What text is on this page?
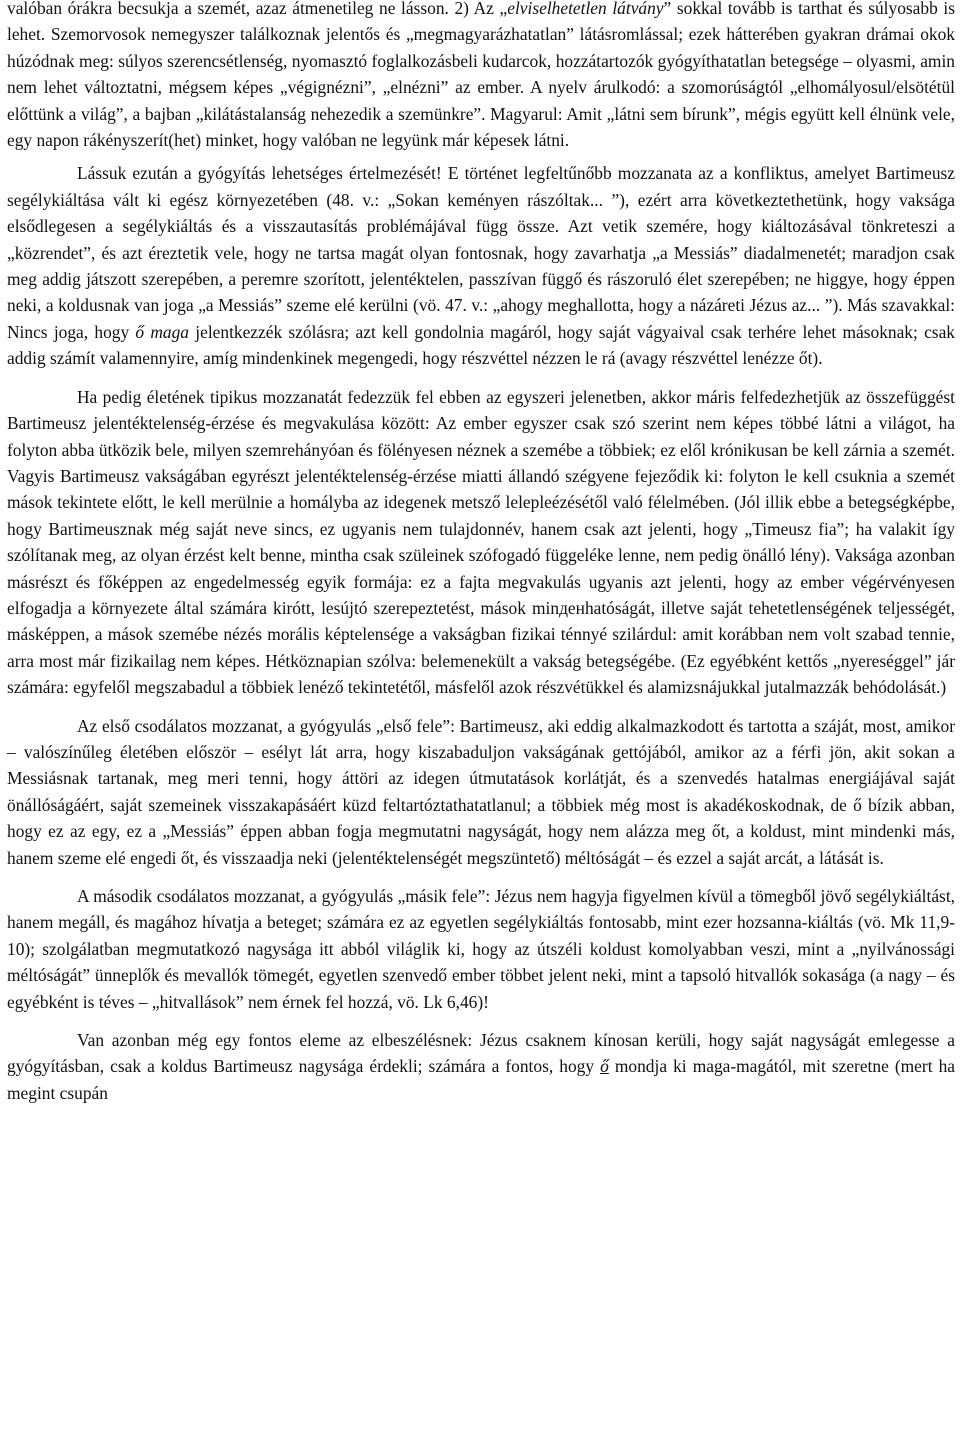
valóban órákra becsukja a szemét, azaz átmenetileg ne lásson. 2) Az „elviselhetetlen látvány” sokkal tovább is tarthat és súlyosabb is lehet. Szemorvosok nemegyszer találkoznak jelentős és „megmagyarázhatatlan” látásromlással; ezek hátterében gyakran drámai okok húzódnak meg: súlyos szerencsétlenség, nyomasztó foglalkozásbeli kudarcok, hozzátartozók gyógyíthatatlan betegsége – olyasmi, amin nem lehet változtatni, mégsem képes „végignézni”, „elnézni” az ember. A nyelv árulkodó: a szomorúságtól „elhomályosul/elsötétül előttünk a világ”, a bajban „kilátástalanság nehezedik a szemünkre”. Magyarul: Amit „látni sem bírunk”, mégis együtt kell élnünk vele, egy napon rákényszerít(het) minket, hogy valóban ne legyünk már képesek látni.

Lássuk ezután a gyógyítás lehetséges értelmezését! E történet legfeltűnőbb mozzanata az a konfliktus, amelyet Bartimeusz segélykiáltása vált ki egész környezetében (48. v.: „Sokan keményen rászóltak... ”), ezért arra következtethetünk, hogy vaksága elsődlegesen a segélykiáltás és a visszautasítás problémájával függ össze. Azt vetik szemére, hogy kiáltozásával tönkreteszi a „közrendet”, és azt éreztetik vele, hogy ne tartsa magát olyan fontosnak, hogy zavarhatja „a Messiás” diadalmenetét; maradjon csak meg addig játszott szerepében, a peremre szorított, jelentéktelen, passzívan függő és rászoruló élet szerepében; ne higgye, hogy éppen neki, a koldusnak van joga „a Messiás” szeme elé kerülni (vö. 47. v.: „ahogy meghallotta, hogy a názáreti Jézus az... ”). Más szavakkal: Nincs joga, hogy ő maga jelentkezzék szólásra; azt kell gondolnia magáról, hogy saját vágyaival csak terhére lehet másoknak; csak addig számít valamennyire, amíg mindenkinek megengedi, hogy részvéttel nézzen le rá (avagy részvéttel lenézze őt).

Ha pedig életének tipikus mozzanatát fedezzük fel ebben az egyszeri jelenetben, akkor máris felfedezhetjük az összefüggést Bartimeusz jelentéktelenség-érzése és megvakulása között: Az ember egyszer csak szó szerint nem képes többé látni a világot, ha folyton abba ütközik bele, milyen szemrehányóan és fölényesen néznek a szemébe a többiek; ez elől krónikusan be kell zárnia a szemét. Vagyis Bartimeusz vakságában egyrészt jelentéktelenség-érzése miatti állandó szégyene fejeződik ki: folyton le kell csuknia a szemét mások tekintete előtt, le kell merülnie a homályba az idegenek metsző lelepleézésétől való félelmében. (Jól illik ebbe a betegségképbe, hogy Bartimeusznak még saját neve sincs, ez ugyanis nem tulajdonnév, hanem csak azt jelenti, hogy „Timeusz fia”; ha valakit így szólítanak meg, az olyan érzést kelt benne, mintha csak szüleinek szófogadó függeléke lenne, nem pedig önálló lény). Vaksága azonban másrészt és főképpen az engedelmesség egyik formája: ez a fajta megvakulás ugyanis azt jelenti, hogy az ember végérvényesen elfogadja a környezete által számára kirótt, lesújtó szerepeztetést, mások minденhatóságát, illetve saját tehetetlenségének teljességét, másképpen, a mások szemébe nézés morális képtelensége a vakságban fizikai ténnyé szilárdul: amit korábban nem volt szabad tennie, arra most már fizikailag nem képes. Hétköznapian szólva: belemenekült a vakság betegségébe. (Ez egyébként kettős „nyereséggel” jár számára: egyfelől megszabadul a többiek lenéző tekintetétől, másfelől azok részvétükkel és alamizsnájukkal jutalmazzák behódolását.)

Az első csodálatos mozzanat, a gyógyulás „első fele”: Bartimeusz, aki eddig alkalmazkodott és tartotta a száját, most, amikor – valószínűleg életében először – esélyt lát arra, hogy kiszabaduljon vakságának gettójából, amikor az a férfi jön, akit sokan a Messiásnak tartanak, meg meri tenni, hogy áttöri az idegen útmutatások korlátját, és a szenvedés hatalmas energiájával saját önállóságáért, saját szemeinek visszakapásáért küzd feltartóztathatatlanul; a többiek még most is akadékoskodnak, de ő bízik abban, hogy ez az egy, ez a „Messiás” éppen abban fogja megmutatni nagyságát, hogy nem alázza meg őt, a koldust, mint mindenki más, hanem szeme elé engedi őt, és visszaadja neki (jelentéktelenségét megszüntető) méltóságát – és ezzel a saját arcát, a látását is.

A második csodálatos mozzanat, a gyógyulás „másik fele”: Jézus nem hagyja figyelmen kívül a tömegből jövő segélykiáltást, hanem megáll, és magához hívatja a beteget; számára ez az egyetlen segélykiáltás fontosabb, mint ezer hozsanna-kiáltás (vö. Mk 11,9-10); szolgálatban megmutatkozó nagysága itt abból világlik ki, hogy az útszéli koldust komolyabban veszi, mint a „nyilvánossági méltóságát” ünneplők és mevallók tömegét, egyetlen szenvedő ember többet jelent neki, mint a tapsoló hitvallók sokasága (a nagy – és egyébként is téves – „hitvallások” nem érnek fel hozzá, vö. Lk 6,46)!

Van azonban még egy fontos eleme az elbeszélésnek: Jézus csaknem kínosan kerüli, hogy saját nagyságát emlegesse a gyógyításban, csak a koldus Bartimeusz nagysága érdekli; számára a fontos, hogy ő mondja ki maga-magától, mit szeretne (mert ha megint csupán
